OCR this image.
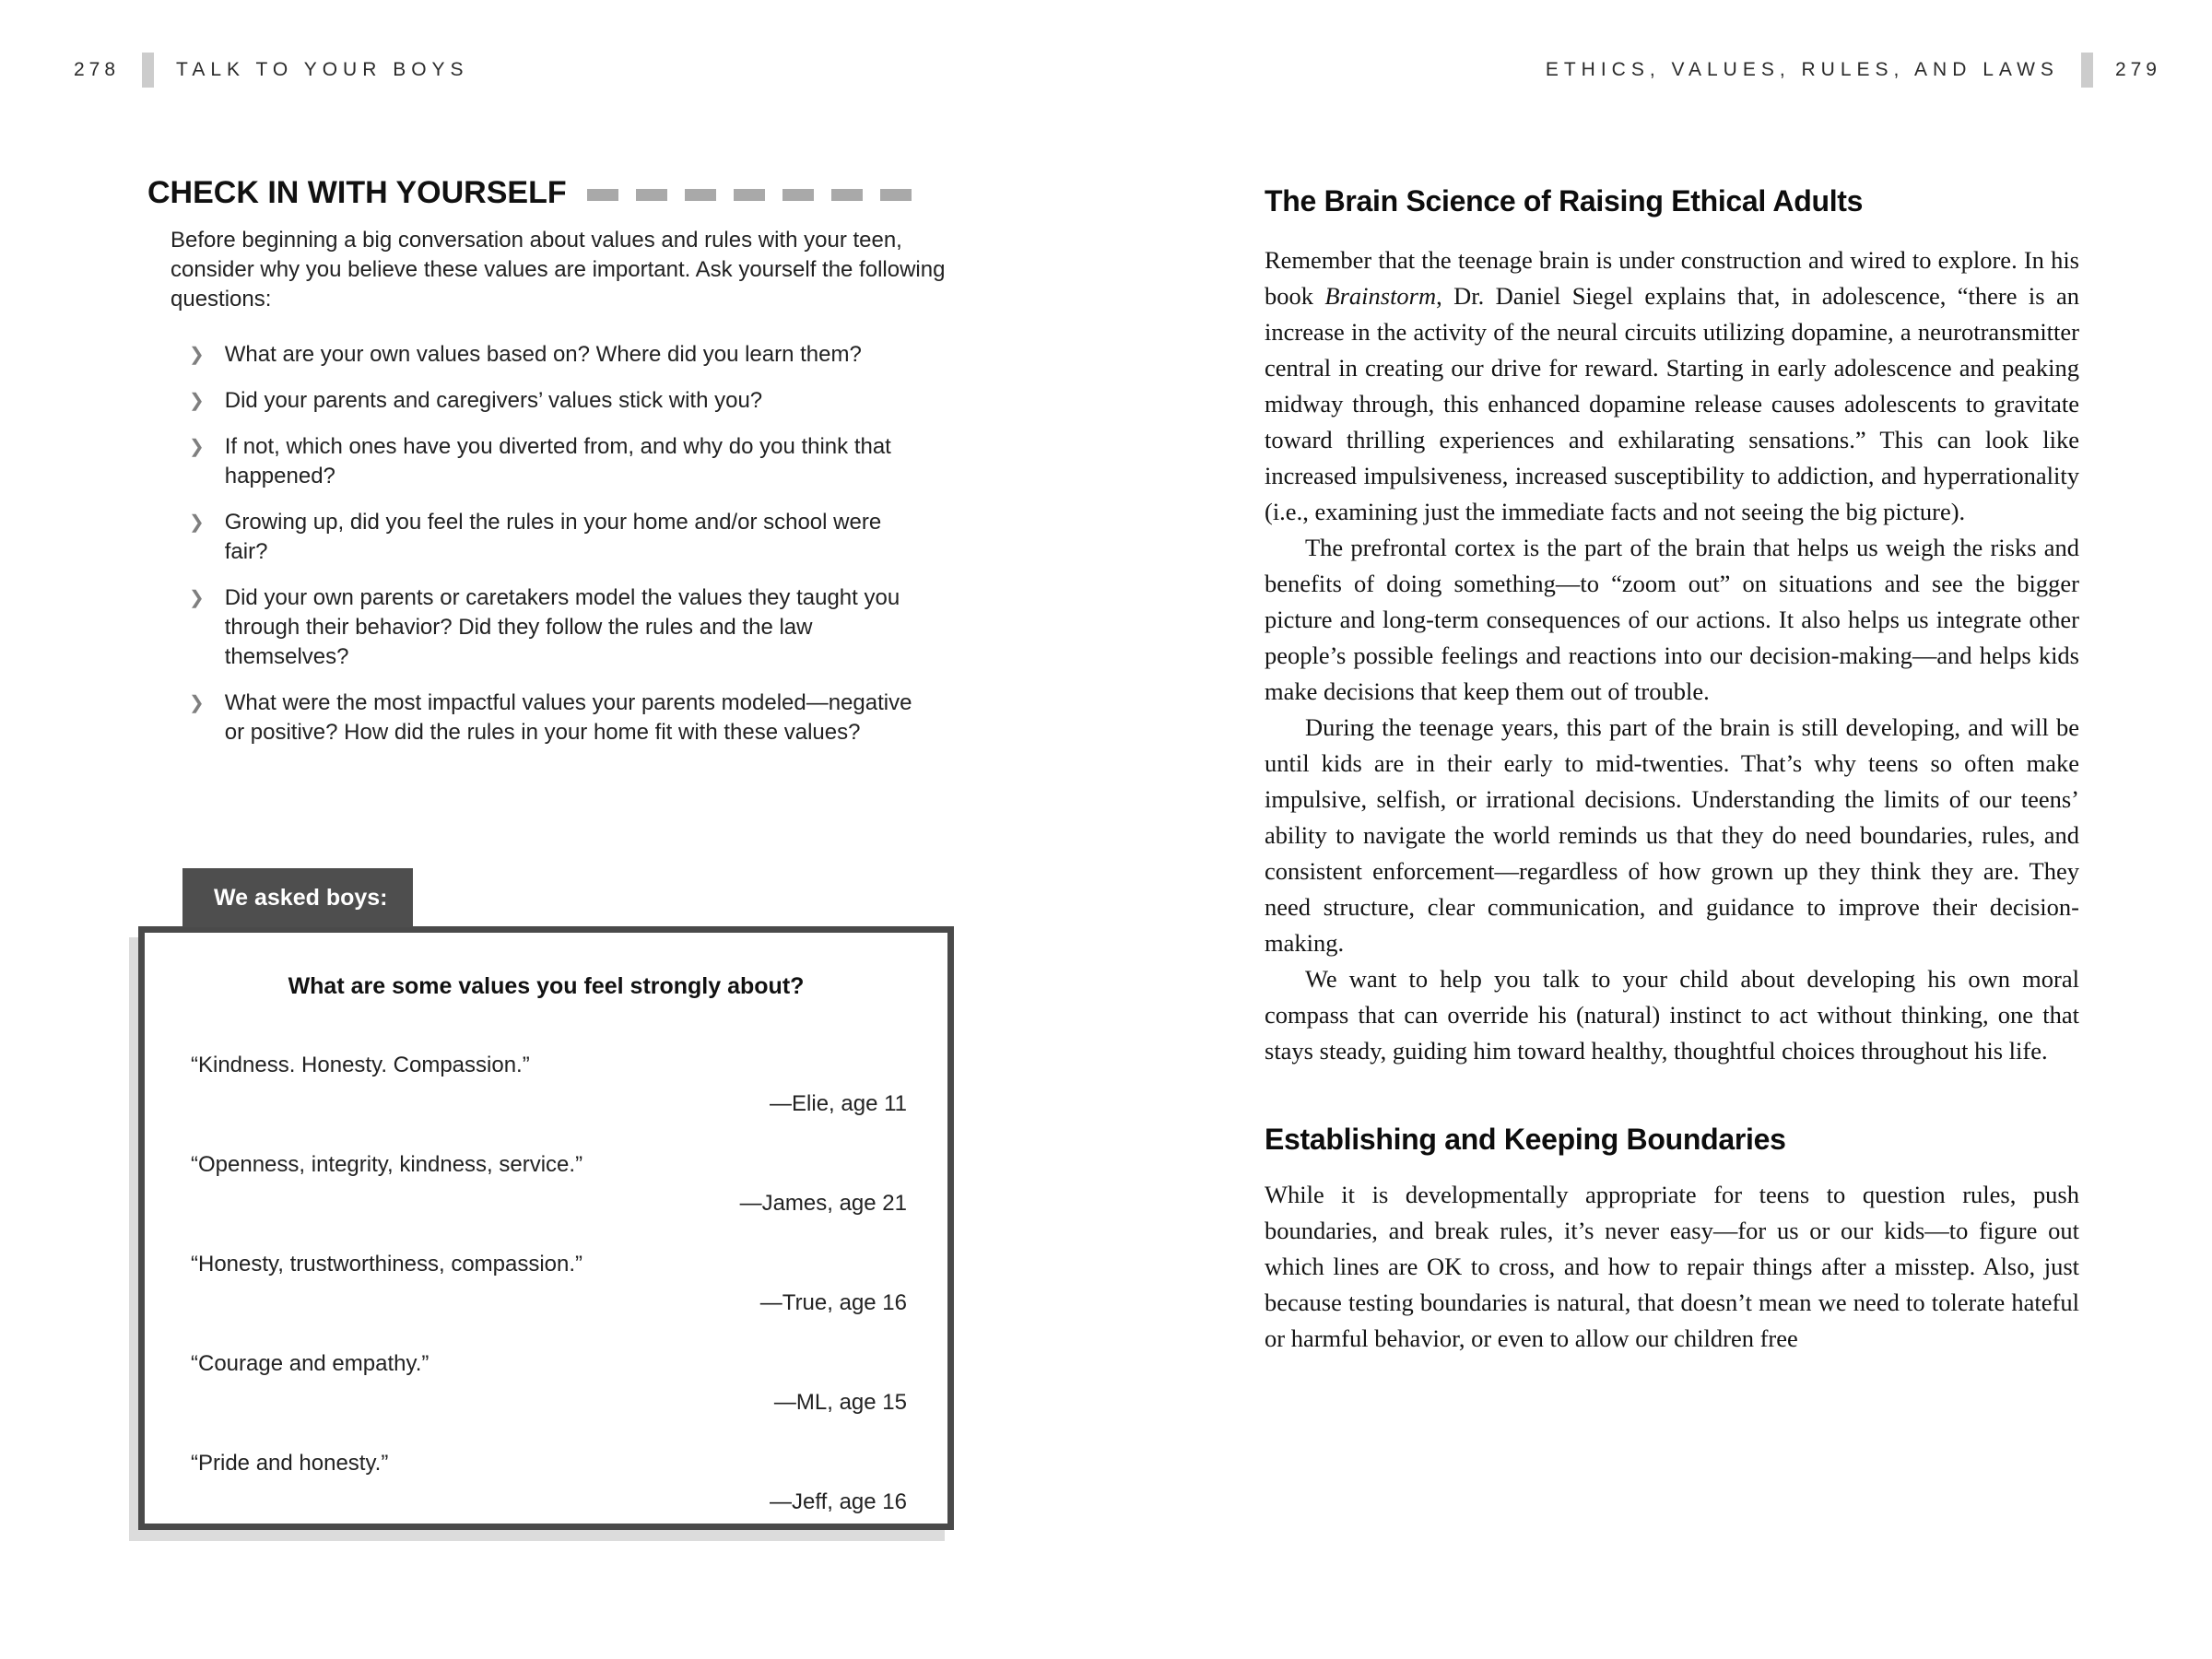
278	TALK TO YOUR BOYS	ETHICS, VALUES, RULES, AND LAWS	279
CHECK IN WITH YOURSELF

Before beginning a big conversation about values and rules with your teen, consider why you believe these values are important. Ask yourself the following questions:

❯ What are your own values based on? Where did you learn them?
❯ Did your parents and caregivers’ values stick with you?
❯ If not, which ones have you diverted from, and why do you think that happened?
❯ Growing up, did you feel the rules in your home and/or school were fair?
❯ Did your own parents or caretakers model the values they taught you through their behavior? Did they follow the rules and the law themselves?
❯ What were the most impactful values your parents modeled—negative or positive? How did the rules in your home fit with these values?
We asked boys:
What are some values you feel strongly about?
“Kindness. Honesty. Compassion.”
—Elie, age 11
“Openness, integrity, kindness, service.”
—James, age 21
“Honesty, trustworthiness, compassion.”
—True, age 16
“Courage and empathy.”
—ML, age 15
“Pride and honesty.”
—Jeff, age 16
The Brain Science of Raising Ethical Adults

Remember that the teenage brain is under construction and wired to explore. In his book Brainstorm, Dr. Daniel Siegel explains that, in adolescence, “there is an increase in the activity of the neural circuits utilizing dopamine, a neurotransmitter central in creating our drive for reward. Starting in early adolescence and peaking midway through, this enhanced dopamine release causes adolescents to gravitate toward thrilling experiences and exhilarating sensations.” This can look like increased impulsiveness, increased susceptibility to addiction, and hyperrationality (i.e., examining just the immediate facts and not seeing the big picture).

The prefrontal cortex is the part of the brain that helps us weigh the risks and benefits of doing something—to “zoom out” on situations and see the bigger picture and long-term consequences of our actions. It also helps us integrate other people’s possible feelings and reactions into our decision-making—and helps kids make decisions that keep them out of trouble.

During the teenage years, this part of the brain is still developing, and will be until kids are in their early to mid-twenties. That’s why teens so often make impulsive, selfish, or irrational decisions. Understanding the limits of our teens’ ability to navigate the world reminds us that they do need boundaries, rules, and consistent enforcement—regardless of how grown up they think they are. They need structure, clear communication, and guidance to improve their decision-making.

We want to help you talk to your child about developing his own moral compass that can override his (natural) instinct to act without thinking, one that stays steady, guiding him toward healthy, thoughtful choices throughout his life.

Establishing and Keeping Boundaries

While it is developmentally appropriate for teens to question rules, push boundaries, and break rules, it’s never easy—for us or our kids—to figure out which lines are OK to cross, and how to repair things after a misstep. Also, just because testing boundaries is natural, that doesn’t mean we need to tolerate hateful or harmful behavior, or even to allow our children free
